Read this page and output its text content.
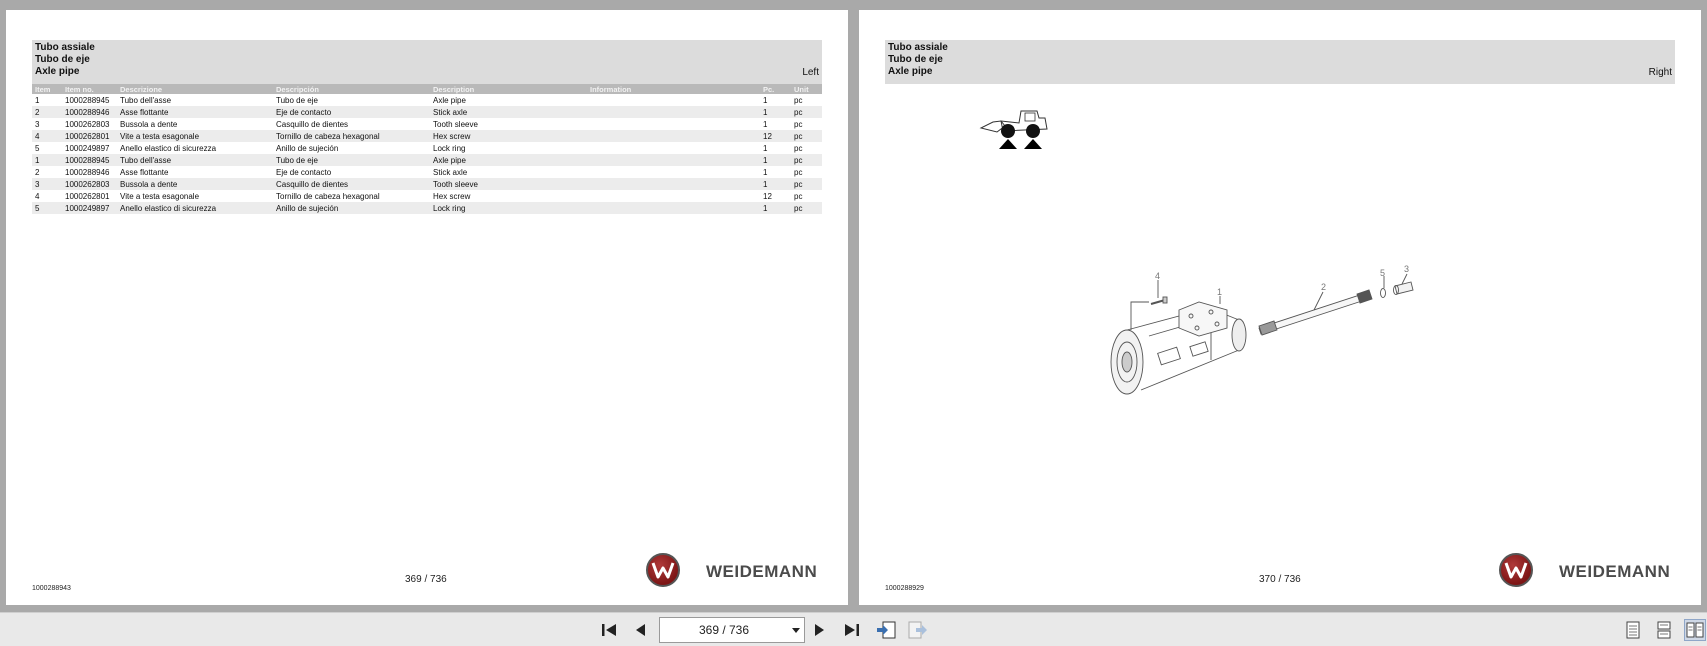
Tubo assiale
Tubo de eje
Axle pipe	Left
Item	Item no.	Descrizione	Descripción	Description	Information	Pc.	Unit
1	1000288945	Tubo dell'asse	Tubo de eje	Axle pipe		1	pc
2	1000288946	Asse flottante	Eje de contacto	Stick axle		1	pc
3	1000262803	Bussola a dente	Casquillo de dientes	Tooth sleeve		1	pc
4	1000262801	Vite a testa esagonale	Tornillo de cabeza hexagonal	Hex screw		12	pc
5	1000249897	Anello elastico di sicurezza	Anillo de sujeción	Lock ring		1	pc
1	1000288945	Tubo dell'asse	Tubo de eje	Axle pipe		1	pc
2	1000288946	Asse flottante	Eje de contacto	Stick axle		1	pc
3	1000262803	Bussola a dente	Casquillo de dientes	Tooth sleeve		1	pc
4	1000262801	Vite a testa esagonale	Tornillo de cabeza hexagonal	Hex screw		12	pc
5	1000249897	Anello elastico di sicurezza	Anillo de sujeción	Lock ring		1	pc
1000288943
369 / 736	WEIDEMANN
Tubo assiale
Tubo de eje
Axle pipe	Right
4
1	2
5 3
1000288929
370 / 736	WEIDEMANN
369 / 736
